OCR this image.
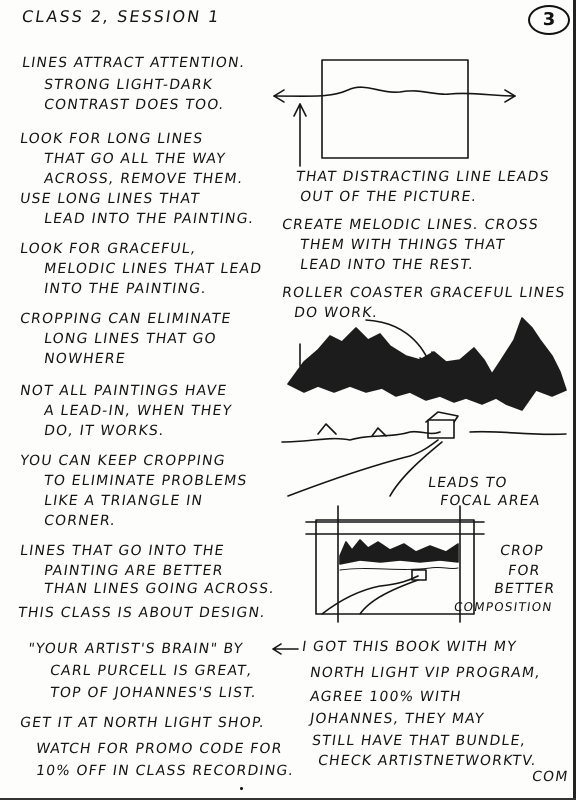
CLASS 2, SESSION 1	3
LINES ATTRACT ATTENTION.
STRONG LIGHT-DARK
CONTRAST DOES TOO.
LOOK FOR LONG LINES
THAT GO ALL THE WAY
ACROSS, REMOVE THEM.
USE LONG LINES THAT
LEAD INTO THE PAINTING.
LOOK FOR GRACEFUL,
MELODIC LINES THAT LEAD
INTO THE PAINTING.
CROPPING CAN ELIMINATE
LONG LINES THAT GO
NOWHERE
NOT ALL PAINTINGS HAVE
A LEAD-IN, WHEN THEY
DO, IT WORKS.
YOU CAN KEEP CROPPING
TO ELIMINATE PROBLEMS
LIKE A TRIANGLE IN
CORNER.
LINES THAT GO INTO THE
PAINTING ARE BETTER
THAN LINES GOING ACROSS.
THIS CLASS IS ABOUT DESIGN.
"YOUR ARTIST'S BRAIN" BY
CARL PURCELL IS GREAT,
TOP OF JOHANNES'S LIST.
GET IT AT NORTH LIGHT SHOP.
WATCH FOR PROMO CODE FOR
10% OFF IN CLASS RECORDING.
THAT DISTRACTING LINE LEADS
OUT OF THE PICTURE.
CREATE MELODIC LINES. CROSS
THEM WITH THINGS THAT
LEAD INTO THE REST.
ROLLER COASTER GRACEFUL LINES
DO WORK.
LEADS TO
FOCAL AREA
CROP
FOR
BETTER
COMPOSITION
I GOT THIS BOOK WITH MY
NORTH LIGHT VIP PROGRAM,
AGREE 100% WITH
JOHANNES, THEY MAY
STILL HAVE THAT BUNDLE,
CHECK ARTISTNETWORKTV.
COM
